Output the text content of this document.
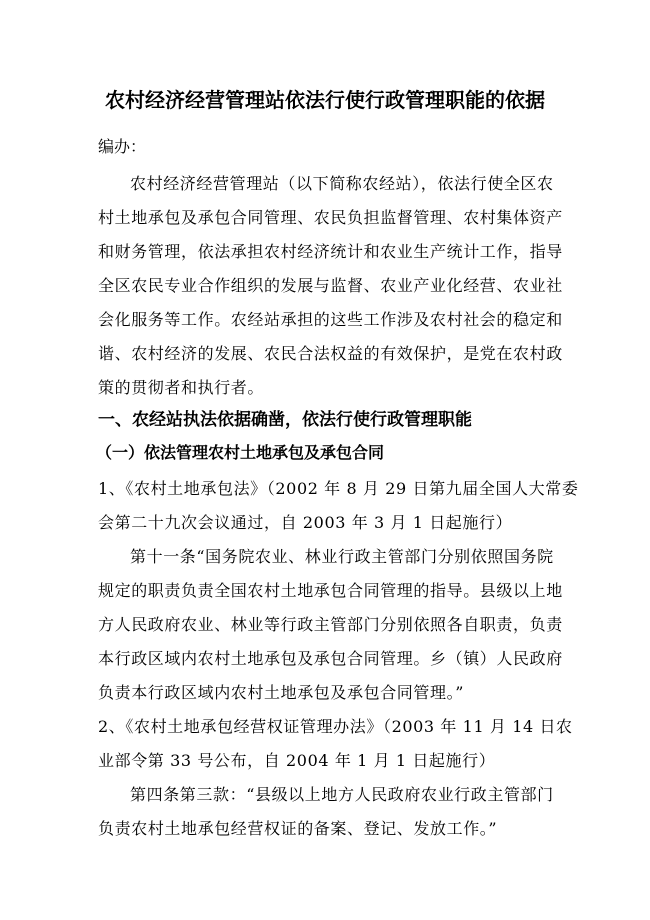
农村经济经营管理站依法行使行政管理职能的依据
编办：
农村经济经营管理站（以下简称农经站），依法行使全区农
村土地承包及承包合同管理、农民负担监督管理、农村集体资产
和财务管理，依法承担农村经济统计和农业生产统计工作，指导
全区农民专业合作组织的发展与监督、农业产业化经营、农业社
会化服务等工作。农经站承担的这些工作涉及农村社会的稳定和
谐、农村经济的发展、农民合法权益的有效保护，是党在农村政
策的贯彻者和执行者。
一、农经站执法依据确凿，依法行使行政管理职能
（一）依法管理农村土地承包及承包合同
1、《农村土地承包法》（2002 年 8 月 29 日第九届全国人大常委
会第二十九次会议通过，自 2003 年 3 月 1 日起施行）
第十一条“国务院农业、林业行政主管部门分别依照国务院
规定的职责负责全国农村土地承包合同管理的指导。县级以上地
方人民政府农业、林业等行政主管部门分别依照各自职责，负责
本行政区域内农村土地承包及承包合同管理。乡（镇）人民政府
负责本行政区域内农村土地承包及承包合同管理。”
2、《农村土地承包经营权证管理办法》（2003 年 11 月 14 日农
业部令第 33 号公布，自 2004 年 1 月 1 日起施行）
第四条第三款：“县级以上地方人民政府农业行政主管部门
负责农村土地承包经营权证的备案、登记、发放工作。”
